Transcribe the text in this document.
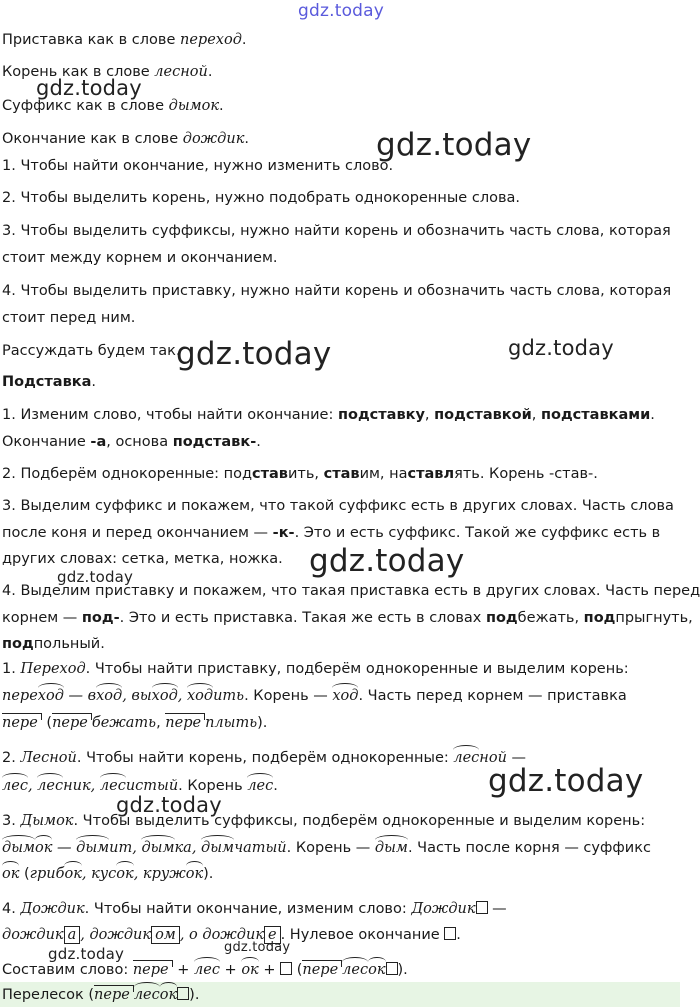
gdz.today
gdz.today
gdz.today
gdz.today	gdz.today
gdz.today
gdz.today
gdz.today
gdz.today
gdz.today
gdz.today
Приставка как в слове переход.
Корень как в слове лесной.
Суффикс как в слове дымок.
Окончание как в слове дождик.
1. Чтобы найти окончание, нужно изменить слово.
2. Чтобы выделить корень, нужно подобрать однокоренные слова.
3. Чтобы выделить суффиксы, нужно найти корень и обозначить часть слова, которая
стоит между корнем и окончанием.
4. Чтобы выделить приставку, нужно найти корень и обозначить часть слова, которая
стоит перед ним.
Рассуждать будем так.
Подставка.
1. Изменим слово, чтобы найти окончание: подставку, подставкой, подставками.
Окончание -а, основа подставк-.
2. Подберём однокоренные: подставить, ставим, наставлять. Корень -став-.
3. Выделим суффикс и покажем, что такой суффикс есть в других словах. Часть слова
после коня и перед окончанием — -к-. Это и есть суффикс. Такой же суффикс есть в
других словах: сетка, метка, ножка.
4. Выделим приставку и покажем, что такая приставка есть в других словах. Часть перед
корнем — под-. Это и есть приставка. Такая же есть в словах подбежать, подпрыгнуть,
подпольный.
1. Переход. Чтобы найти приставку, подберём однокоренные и выделим корень:
переход — вход, выход, ходить. Корень — ход. Часть перед корнем — приставка
пере (пере бежать, пере плыть).
2. Лесной. Чтобы найти корень, подберём однокоренные: лесной —
лес, лесник, лесистый. Корень лес.
3. Дымок. Чтобы выделить суффиксы, подберём однокоренные и выделим корень:
дымок — дымит, дымка, дымчатый. Корень — дым. Часть после корня — суффикс
ок (грибок, кусок, кружок).
4. Дождик. Чтобы найти окончание, изменим слово: Дождик —
дождик а , дождик ом , о дождик е . Нулевое окончание .
Составим слово: пере + лес + ок +  (пере лесок ).
Перелесок (пере лесок ).
